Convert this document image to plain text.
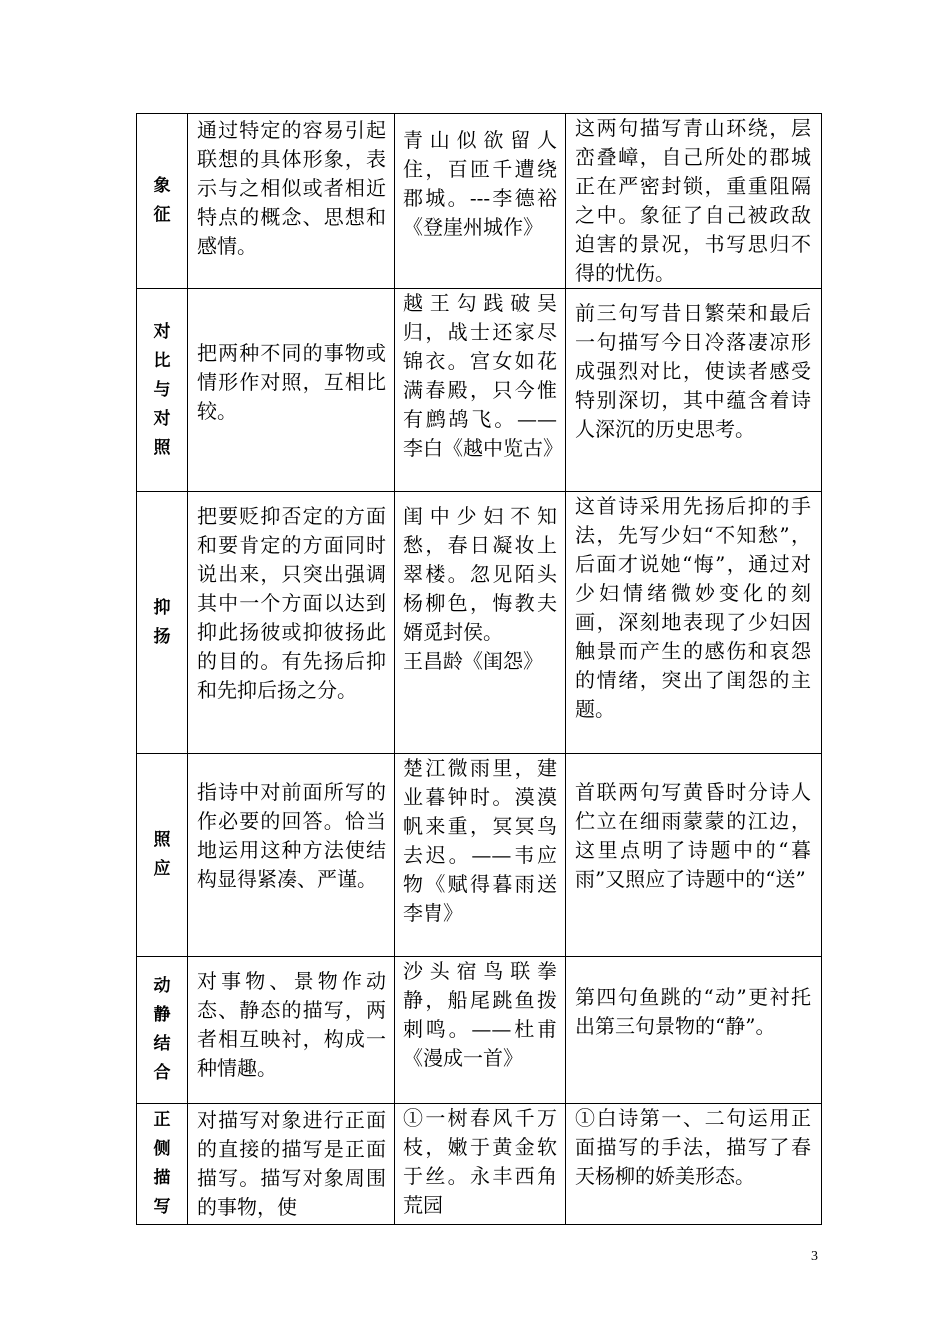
象征	通过特定的容易引起联想的具体形象，表示与之相似或者相近特点的概念、思想和感情。	青山似欲留人住，百匝千遭绕郡城。---李德裕《登崖州城作》	这两句描写青山环绕，层峦叠嶂，自己所处的郡城正在严密封锁，重重阻隔之中。象征了自己被政敌迫害的景况，书写思归不得的忧伤。

对比与对照	把两种不同的事物或情形作对照，互相比较。	越王勾践破吴归，战士还家尽锦衣。宫女如花满春殿，只今惟有鹧鸪飞。——李白《越中览古》	前三句写昔日繁荣和最后一句描写今日冷落凄凉形成强烈对比，使读者感受特别深切，其中蕴含着诗人深沉的历史思考。

抑扬	把要贬抑否定的方面和要肯定的方面同时说出来，只突出强调其中一个方面以达到抑此扬彼或抑彼扬此的目的。有先扬后抑和先抑后扬之分。	闺中少妇不知愁，春日凝妆上翠楼。忽见陌头杨柳色，悔教夫婿觅封侯。
王昌龄《闺怨》	这首诗采用先扬后抑的手法，先写少妇“不知愁”，后面才说她“悔”，通过对少妇情绪微妙变化的刻画，深刻地表现了少妇因触景而产生的感伤和哀怨的情绪，突出了闺怨的主题。

照应	指诗中对前面所写的作必要的回答。恰当地运用这种方法使结构显得紧凑、严谨。	楚江微雨里，建业暮钟时。漠漠帆来重，冥冥鸟去迟。——韦应物《赋得暮雨送李胄》	首联两句写黄昏时分诗人伫立在细雨蒙蒙的江边，这里点明了诗题中的“暮雨”又照应了诗题中的“送”

动静结合	对事物、景物作动态、静态的描写，两者相互映衬，构成一种情趣。	沙头宿鸟联拳静，船尾跳鱼拨刺鸣。——杜甫《漫成一首》	第四句鱼跳的“动”更衬托出第三句景物的“静”。

正侧描写	对描写对象进行正面的直接的描写是正面描写。描写对象周围的事物，使	①一树春风千万枝，嫩于黄金软于丝。永丰西角荒园	①白诗第一、二句运用正面描写的手法，描写了春天杨柳的娇美形态。
3
